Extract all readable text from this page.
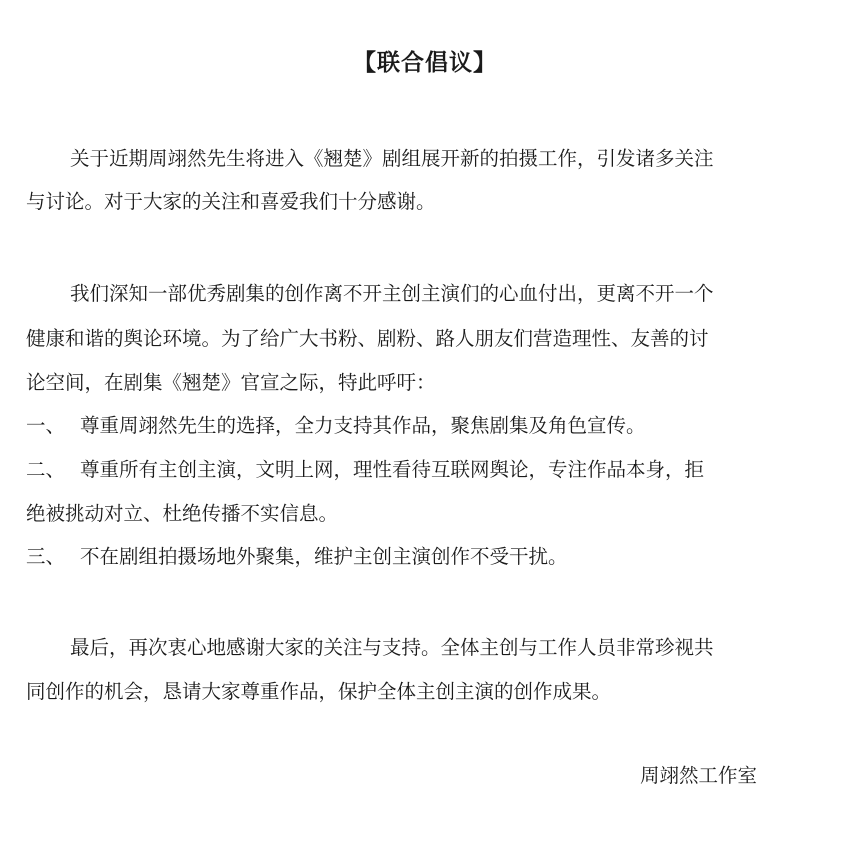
【联合倡议】
关于近期周翊然先生将进入《翘楚》剧组展开新的拍摄工作，引发诸多关注
与讨论。对于大家的关注和喜爱我们十分感谢。
我们深知一部优秀剧集的创作离不开主创主演们的心血付出，更离不开一个
健康和谐的舆论环境。为了给广大书粉、剧粉、路人朋友们营造理性、友善的讨
论空间，在剧集《翘楚》官宣之际，特此呼吁：
一、 尊重周翊然先生的选择，全力支持其作品，聚焦剧集及角色宣传。
二、 尊重所有主创主演，文明上网，理性看待互联网舆论，专注作品本身，拒
绝被挑动对立、杜绝传播不实信息。
三、 不在剧组拍摄场地外聚集，维护主创主演创作不受干扰。
最后，再次衷心地感谢大家的关注与支持。全体主创与工作人员非常珍视共
同创作的机会，恳请大家尊重作品，保护全体主创主演的创作成果。
周翊然工作室
